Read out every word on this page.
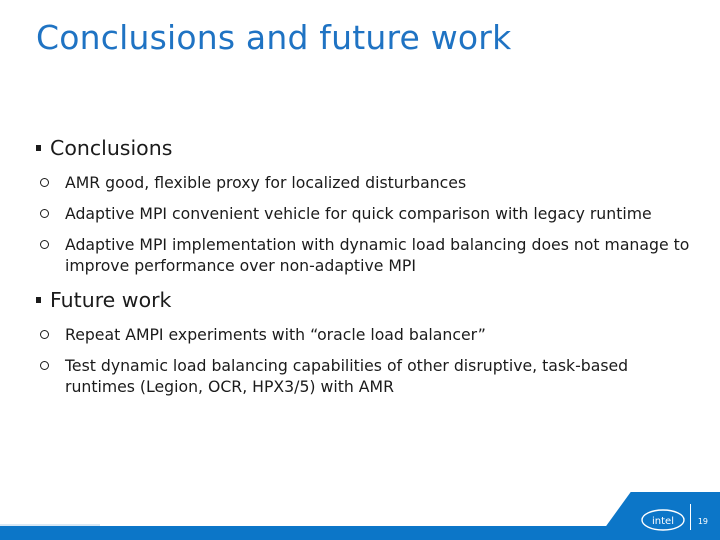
Conclusions and future work
Conclusions
AMR good, flexible proxy for localized disturbances
Adaptive MPI convenient vehicle for quick comparison with legacy runtime
Adaptive MPI implementation with dynamic load balancing does not manage to improve performance over non-adaptive MPI
Future work
Repeat AMPI experiments with “oracle load balancer”
Test dynamic load balancing capabilities of other disruptive, task-based runtimes (Legion, OCR, HPX3/5) with AMR
intel	19
